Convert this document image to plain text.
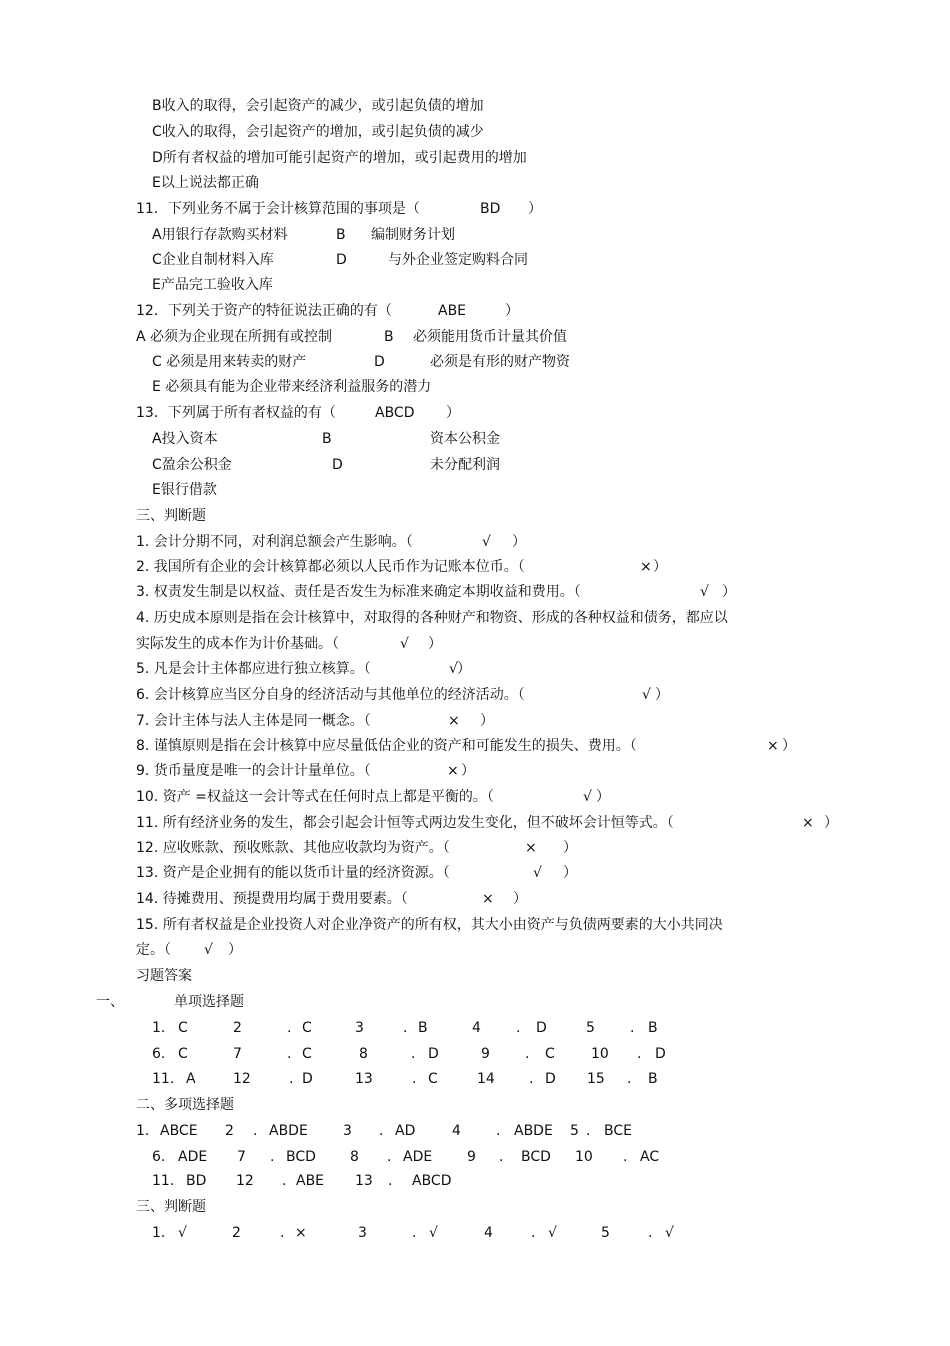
B收入的取得，会引起资产的减少，或引起负债的增加
C收入的取得，会引起资产的增加，或引起负债的减少
D所有者权益的增加可能引起资产的增加，或引起费用的增加
E以上说法都正确
11．下列业务不属于会计核算范围的事项是（	BD ）
A用银行存款购买材料	B 编制财务计划
C企业自制材料入库	D	与外企业签定购料合同
E产品完工验收入库
12．下列关于资产的特征说法正确的有（	ABE	）
A 必须为企业现在所拥有或控制	B 必须能用货币计量其价值
C 必须是用来转卖的财产	D	必须是有形的财产物资
E 必须具有能为企业带来经济利益服务的潜力
13．下列属于所有者权益的有（	ABCD ）
A投入资本	B	资本公积金
C盈余公积金	D	未分配利润
E银行借款
三、判断题
1. 会计分期不同，对利润总额会产生影响。（	√ ）
2. 我国所有企业的会计核算都必须以人民币作为记账本位币。（	× ）
3. 权责发生制是以权益、责任是否发生为标准来确定本期收益和费用。（	√ ）
4. 历史成本原则是指在会计核算中，对取得的各种财产和物资、形成的各种权益和债务，都应以
实际发生的成本作为计价基础。（	√ ）
5. 凡是会计主体都应进行独立核算。（	√ ）
6. 会计核算应当区分自身的经济活动与其他单位的经济活动。（	√ ）
7. 会计主体与法人主体是同一概念。（	× ）
8. 谨慎原则是指在会计核算中应尽量低估企业的资产和可能发生的损失、费用。（	× ）
9. 货币量度是唯一的会计计量单位。（	× ）
10. 资产 =权益这一会计等式在任何时点上都是平衡的。（	√ ）
11. 所有经济业务的发生，都会引起会计恒等式两边发生变化，但不破坏会计恒等式。（	× ）
12. 应收账款、预收账款、其他应收款均为资产。（	× ）
13. 资产是企业拥有的能以货币计量的经济资源。（	√ ）
14. 待摊费用、预提费用均属于费用要素。（	× ）
15. 所有者权益是企业投资人对企业净资产的所有权，其大小由资产与负债两要素的大小共同决
定。（ √ ）
习题答案
一、	单项选择题
1. C	2	. C	3	. B	4	. D	5	. B
6. C	7	. C	8	. D	9	. C	10 . D
11. A	12	. D	13	. C	14 . D 15 . B
二、多项选择题
1. ABCE 2 . ABDE	3 . AD	4	. ABDE 5 . BCE
6. ADE 7 . BCD 8 . ADE 9 . BCD 10 . AC
11. BD 12 . ABE 13 . ABCD
三、判断题
1. √	2	. ×	3	. √	4	. √	5	. √
